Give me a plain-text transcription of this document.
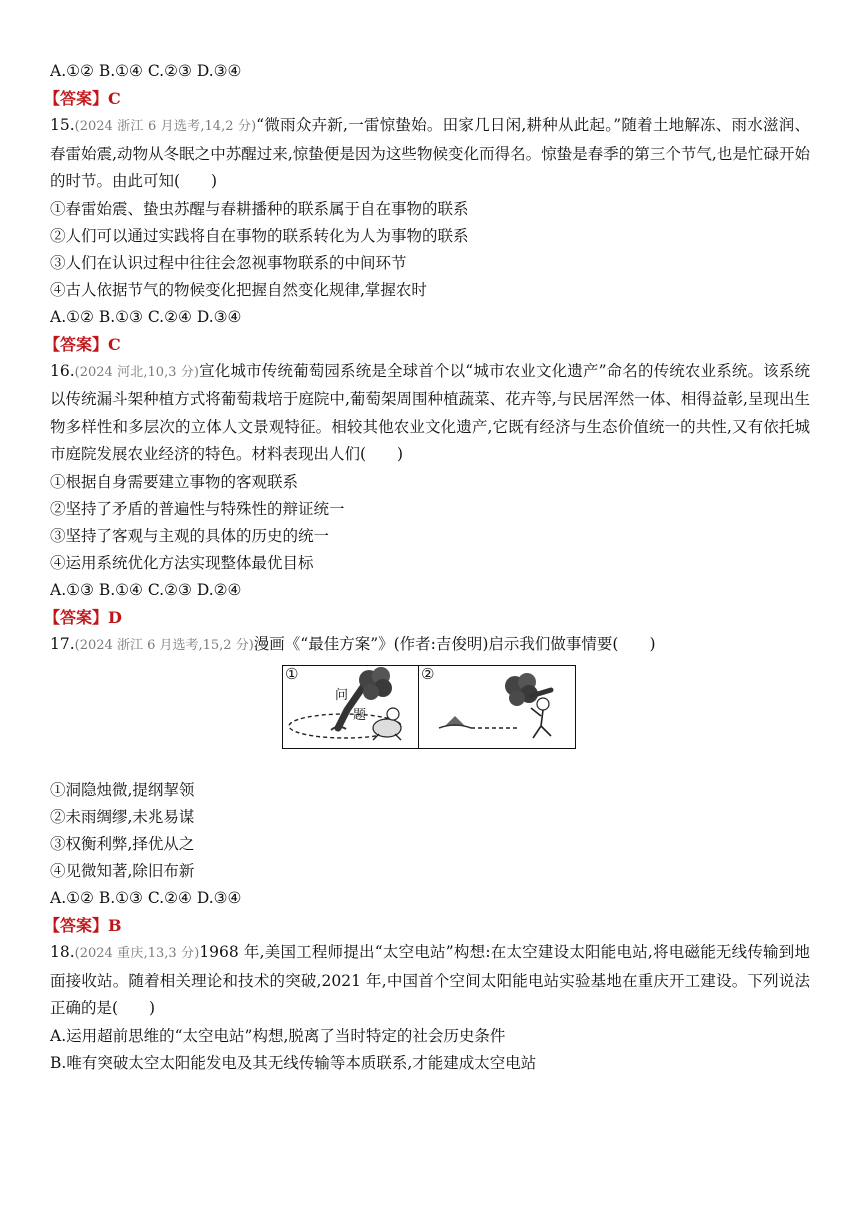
A.①② B.①④ C.②③ D.③④
【答案】C
15.(2024 浙江 6 月选考,14,2 分)“微雨众卉新,一雷惊蛰始。田家几日闲,耕种从此起。”随着土地解冻、雨水滋润、春雷始震,动物从冬眠之中苏醒过来,惊蛰便是因为这些物候变化而得名。惊蛰是春季的第三个节气,也是忙碌开始的时节。由此可知(　　)
①春雷始震、蛰虫苏醒与春耕播种的联系属于自在事物的联系
②人们可以通过实践将自在事物的联系转化为人为事物的联系
③人们在认识过程中往往会忽视事物联系的中间环节
④古人依据节气的物候变化把握自然变化规律,掌握农时
A.①② B.①③ C.②④ D.③④
【答案】C
16.(2024 河北,10,3 分)宣化城市传统葡萄园系统是全球首个以“城市农业文化遗产”命名的传统农业系统。该系统以传统漏斗架种植方式将葡萄栽培于庭院中,葡萄架周围种植蔬菜、花卉等,与民居浑然一体、相得益彰,呈现出生物多样性和多层次的立体人文景观特征。相较其他农业文化遗产,它既有经济与生态价值统一的共性,又有依托城市庭院发展农业经济的特色。材料表现出人们(　　)
①根据自身需要建立事物的客观联系
②坚持了矛盾的普遍性与特殊性的辩证统一
③坚持了客观与主观的具体的历史的统一
④运用系统优化方法实现整体最优目标
A.①③ B.①④ C.②③ D.②④
【答案】D
17.(2024 浙江 6 月选考,15,2 分)漫画《“最佳方案”》(作者:吉俊明)启示我们做事情要(　　)
①
问
题
②
①洞隐烛微,提纲挈领
②未雨绸缪,未兆易谋
③权衡利弊,择优从之
④见微知著,除旧布新
A.①② B.①③ C.②④ D.③④
【答案】B
18.(2024 重庆,13,3 分)1968 年,美国工程师提出“太空电站”构想:在太空建设太阳能电站,将电磁能无线传输到地面接收站。随着相关理论和技术的突破,2021 年,中国首个空间太阳能电站实验基地在重庆开工建设。下列说法正确的是(　　)
A.运用超前思维的“太空电站”构想,脱离了当时特定的社会历史条件
B.唯有突破太空太阳能发电及其无线传输等本质联系,才能建成太空电站
